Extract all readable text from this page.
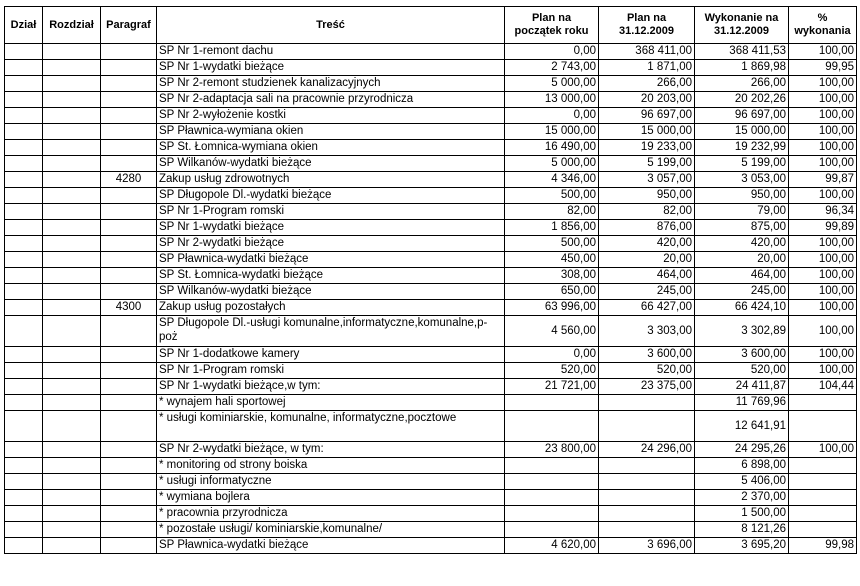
Dział	Rozdział	Paragraf	Treść	Plan na początek roku	Plan na 31.12.2009	Wykonanie na 31.12.2009	% wykonania
			SP Nr 1-remont dachu	0,00	368 411,00	368 411,53	100,00
			SP Nr 1-wydatki bieżące	2 743,00	1 871,00	1 869,98	99,95
			SP Nr 2-remont studzienek kanalizacyjnych	5 000,00	266,00	266,00	100,00
			SP Nr 2-adaptacja sali na pracownie przyrodnicza	13 000,00	20 203,00	20 202,26	100,00
			SP Nr 2-wyłożenie kostki	0,00	96 697,00	96 697,00	100,00
			SP Pławnica-wymiana okien	15 000,00	15 000,00	15 000,00	100,00
			SP St. Łomnica-wymiana okien	16 490,00	19 233,00	19 232,99	100,00
			SP Wilkanów-wydatki bieżące	5 000,00	5 199,00	5 199,00	100,00
		4280	Zakup usług zdrowotnych	4 346,00	3 057,00	3 053,00	99,87
			SP Długopole Dl.-wydatki bieżące	500,00	950,00	950,00	100,00
			SP Nr 1-Program romski	82,00	82,00	79,00	96,34
			SP Nr 1-wydatki bieżące	1 856,00	876,00	875,00	99,89
			SP Nr 2-wydatki bieżące	500,00	420,00	420,00	100,00
			SP Pławnica-wydatki bieżące	450,00	20,00	20,00	100,00
			SP St. Łomnica-wydatki bieżące	308,00	464,00	464,00	100,00
			SP Wilkanów-wydatki bieżące	650,00	245,00	245,00	100,00
		4300	Zakup usług pozostałych	63 996,00	66 427,00	66 424,10	100,00
			SP Długopole Dl.-usługi komunalne,informatyczne,komunalne,p-poż	4 560,00	3 303,00	3 302,89	100,00
			SP Nr 1-dodatkowe kamery	0,00	3 600,00	3 600,00	100,00
			SP Nr 1-Program romski	520,00	520,00	520,00	100,00
			SP Nr 1-wydatki bieżące,w tym:	21 721,00	23 375,00	24 411,87	104,44
			* wynajem hali sportowej			11 769,96	
			* usługi kominiarskie, komunalne, informatyczne,pocztowe			12 641,91	
			SP Nr 2-wydatki bieżące, w tym:	23 800,00	24 296,00	24 295,26	100,00
			* monitoring od strony boiska			6 898,00	
			* usługi informatyczne			5 406,00	
			* wymiana bojlera			2 370,00	
			* pracownia przyrodnicza			1 500,00	
			* pozostałe usługi/ kominiarskie,komunalne/			8 121,26	
			SP Pławnica-wydatki bieżące	4 620,00	3 696,00	3 695,20	99,98
